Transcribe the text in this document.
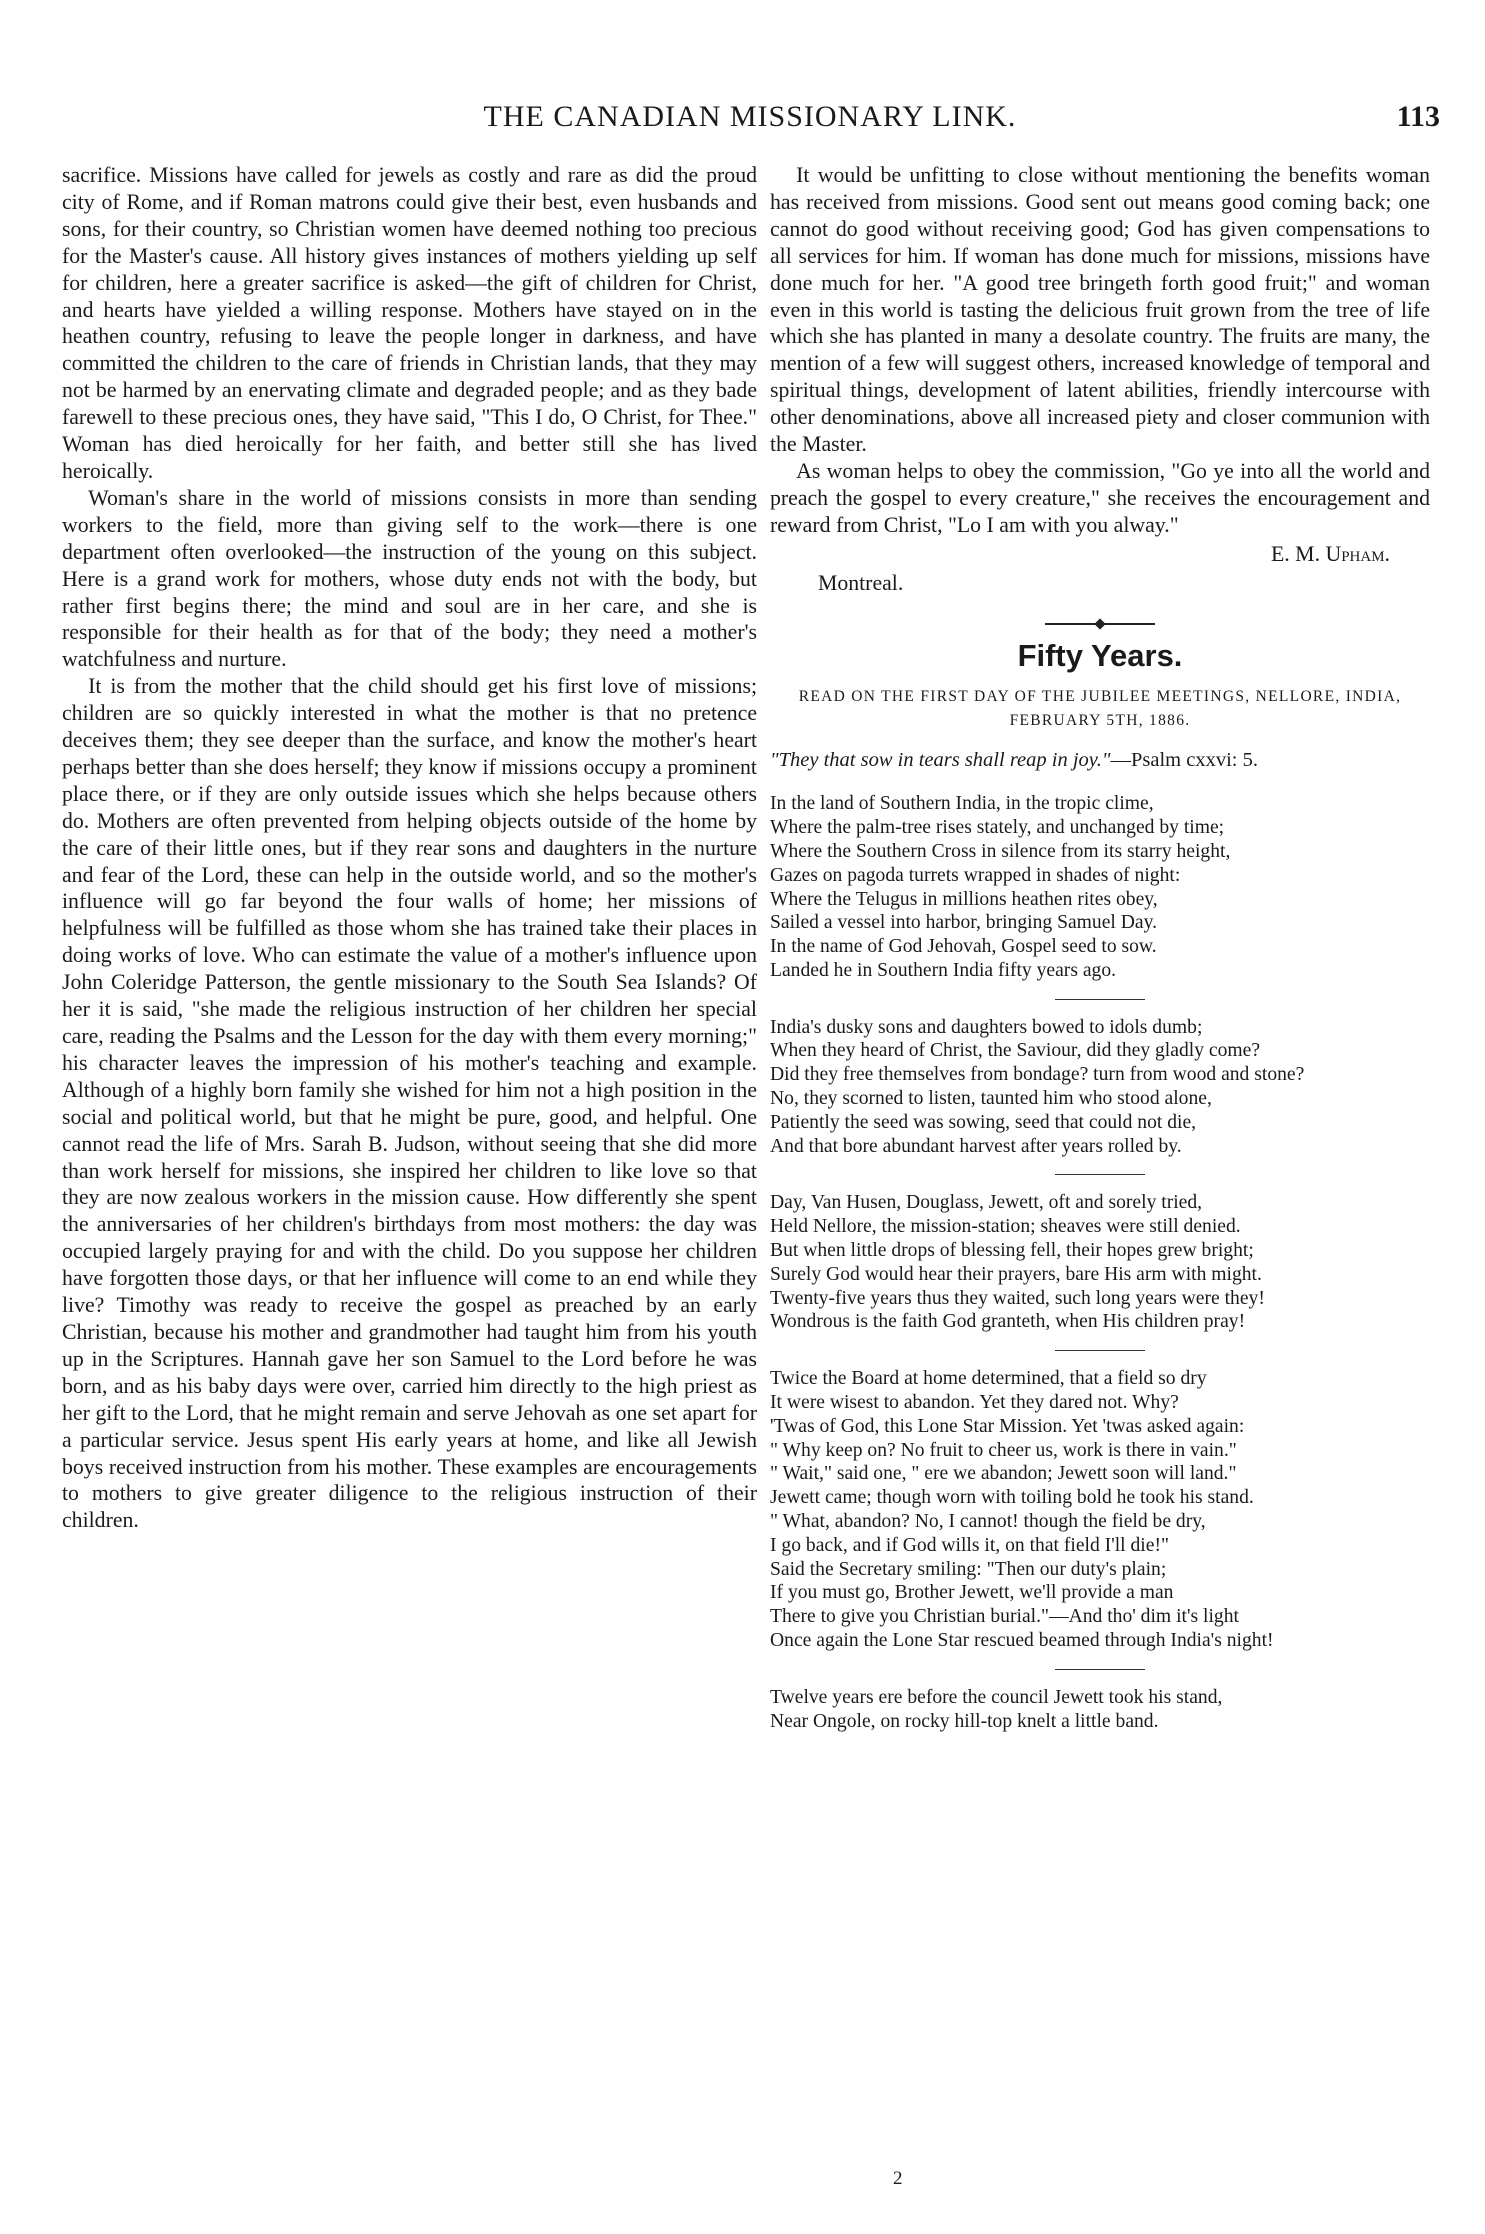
THE CANADIAN MISSIONARY LINK.	113

sacrifice. Missions have called for jewels as costly and rare as did the proud city of Rome, and if Roman matrons could give their best, even husbands and sons, for their country, so Christian women have deemed nothing too precious for the Master's cause. All history gives instances of mothers yielding up self for children, here a greater sacrifice is asked—the gift of children for Christ, and hearts have yielded a willing response. Mothers have stayed on in the heathen country, refusing to leave the people longer in darkness, and have committed the children to the care of friends in Christian lands, that they may not be harmed by an enervating climate and degraded people; and as they bade farewell to these precious ones, they have said, "This I do, O Christ, for Thee." Woman has died heroically for her faith, and better still she has lived heroically.

Woman's share in the world of missions consists in more than sending workers to the field, more than giving self to the work—there is one department often overlooked—the instruction of the young on this subject. Here is a grand work for mothers, whose duty ends not with the body, but rather first begins there; the mind and soul are in her care, and she is responsible for their health as for that of the body; they need a mother's watchfulness and nurture.

It is from the mother that the child should get his first love of missions; children are so quickly interested in what the mother is that no pretence deceives them; they see deeper than the surface, and know the mother's heart perhaps better than she does herself; they know if missions occupy a prominent place there, or if they are only outside issues which she helps because others do. Mothers are often prevented from helping objects outside of the home by the care of their little ones, but if they rear sons and daughters in the nurture and fear of the Lord, these can help in the outside world, and so the mother's influence will go far beyond the four walls of home; her missions of helpfulness will be fulfilled as those whom she has trained take their places in doing works of love. Who can estimate the value of a mother's influence upon John Coleridge Patterson, the gentle missionary to the South Sea Islands? Of her it is said, "she made the religious instruction of her children her special care, reading the Psalms and the Lesson for the day with them every morning;" his character leaves the impression of his mother's teaching and example. Although of a highly born family she wished for him not a high position in the social and political world, but that he might be pure, good, and helpful. One cannot read the life of Mrs. Sarah B. Judson, without seeing that she did more than work herself for missions, she inspired her children to like love so that they are now zealous workers in the mission cause. How differently she spent the anniversaries of her children's birthdays from most mothers: the day was occupied largely praying for and with the child. Do you suppose her children have forgotten those days, or that her influence will come to an end while they live? Timothy was ready to receive the gospel as preached by an early Christian, because his mother and grandmother had taught him from his youth up in the Scriptures. Hannah gave her son Samuel to the Lord before he was born, and as his baby days were over, carried him directly to the high priest as her gift to the Lord, that he might remain and serve Jehovah as one set apart for a particular service. Jesus spent His early years at home, and like all Jewish boys received instruction from his mother. These examples are encouragements to mothers to give greater diligence to the religious instruction of their children.

It would be unfitting to close without mentioning the benefits woman has received from missions. Good sent out means good coming back; one cannot do good without receiving good; God has given compensations to all services for him. If woman has done much for missions, missions have done much for her. "A good tree bringeth forth good fruit;" and woman even in this world is tasting the delicious fruit grown from the tree of life which she has planted in many a desolate country. The fruits are many, the mention of a few will suggest others, increased knowledge of temporal and spiritual things, development of latent abilities, friendly intercourse with other denominations, above all increased piety and closer communion with the Master.

As woman helps to obey the commission, "Go ye into all the world and preach the gospel to every creature," she receives the encouragement and reward from Christ, "Lo I am with you alway."

E. M. Upham.
Montreal.
Fifty Years.
READ ON THE FIRST DAY OF THE JUBILEE MEETINGS, NELLORE, INDIA, FEBRUARY 5TH, 1886.
"They that sow in tears shall reap in joy."—Psalm cxxvi: 5.
In the land of Southern India, in the tropic clime,
Where the palm-tree rises stately, and unchanged by time;
Where the Southern Cross in silence from its starry height,
Gazes on pagoda turrets wrapped in shades of night:
Where the Telugus in millions heathen rites obey,
Sailed a vessel into harbor, bringing Samuel Day.
In the name of God Jehovah, Gospel seed to sow.
Landed he in Southern India fifty years ago.
India's dusky sons and daughters bowed to idols dumb;
When they heard of Christ, the Saviour, did they gladly come?
Did they free themselves from bondage? turn from wood and stone?
No, they scorned to listen, taunted him who stood alone,
Patiently the seed was sowing, seed that could not die,
And that bore abundant harvest after years rolled by.
Day, Van Husen, Douglass, Jewett, oft and sorely tried,
Held Nellore, the mission-station; sheaves were still denied.
But when little drops of blessing fell, their hopes grew bright;
Surely God would hear their prayers, bare His arm with might.
Twenty-five years thus they waited, such long years were they!
Wondrous is the faith God granteth, when His children pray!
Twice the Board at home determined, that a field so dry
It were wisest to abandon. Yet they dared not. Why?
'Twas of God, this Lone Star Mission. Yet 'twas asked again:
" Why keep on? No fruit to cheer us, work is there in vain."
" Wait," said one, " ere we abandon; Jewett soon will land."
Jewett came; though worn with toiling bold he took his stand.
" What, abandon? No, I cannot! though the field be dry,
I go back, and if God wills it, on that field I'll die!"
Said the Secretary smiling: "Then our duty's plain;
If you must go, Brother Jewett, we'll provide a man
There to give you Christian burial."—And tho' dim it's light
Once again the Lone Star rescued beamed through India's night!
Twelve years ere before the council Jewett took his stand,
Near Ongole, on rocky hill-top knelt a little band.
2
